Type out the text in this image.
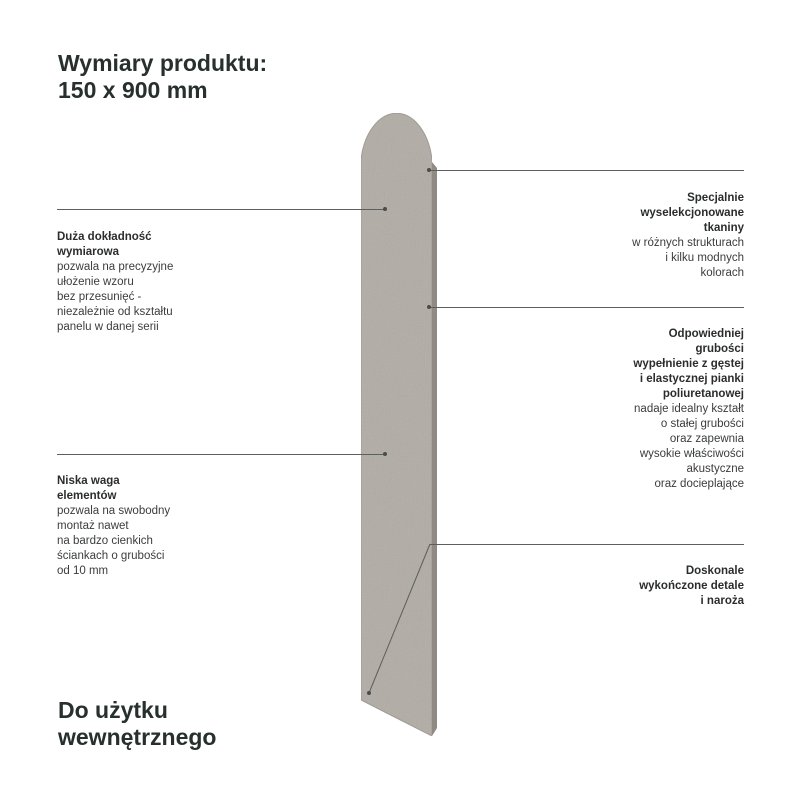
Wymiary produktu:
150 x 900 mm
Do użytku
wewnętrznego
Duża dokładność
wymiarowa
pozwala na precyzyjne
ułożenie wzoru
bez przesunięć -
niezależnie od kształtu
panelu w danej serii
Niska waga
elementów
pozwala na swobodny
montaż nawet
na bardzo cienkich
ściankach o grubości
od 10 mm
Specjalnie
wyselekcjonowane
tkaniny
w różnych strukturach
i kilku modnych
kolorach
Odpowiedniej
grubości
wypełnienie z gęstej
i elastycznej pianki
poliuretanowej
nadaje idealny kształt
o stałej grubości
oraz zapewnia
wysokie właściwości
akustyczne
oraz docieplające
Doskonale
wykończone detale
i naroża
